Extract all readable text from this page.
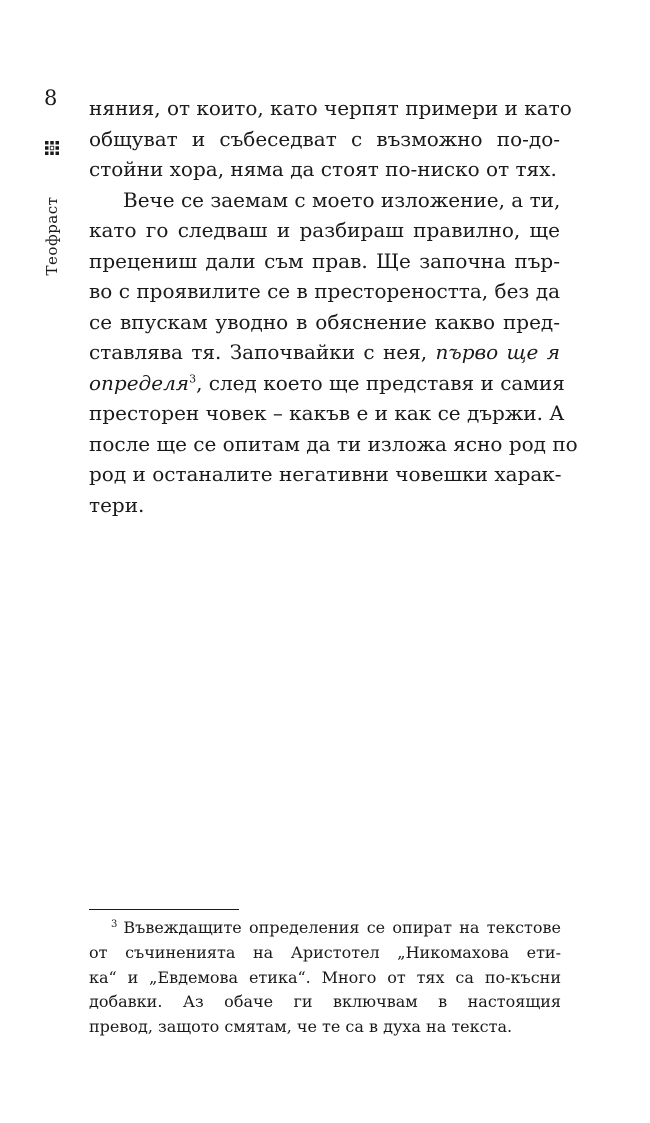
8
Теофраст
няния, от които, като черпят примери и като
общуват и събеседват с възможно по-до-
стойни хора, няма да стоят по-ниско от тях.
Вече се заемам с моето изложение, а ти,
като го следваш и разбираш правилно, ще
прецениш дали съм прав. Ще започна пър-
во с проявилите се в престореността, без да
се впускам уводно в обяснение какво пред-
ставлява тя. Започвайки с нея, първо ще я
определя$^3$, след което ще представя и самия
престорен човек – какъв е и как се държи. А
после ще се опитам да ти изложа ясно род по
род и останалите негативни човешки харак-
тери.
$^3$ Въвеждащите определения се опират на текстове
от съчиненията на Аристотел „Никомахова ети-
ка“ и „Евдемова етика“. Много от тях са по-късни
добавки. Аз обаче ги включвам в настоящия
превод, защото смятам, че те са в духа на текста.
